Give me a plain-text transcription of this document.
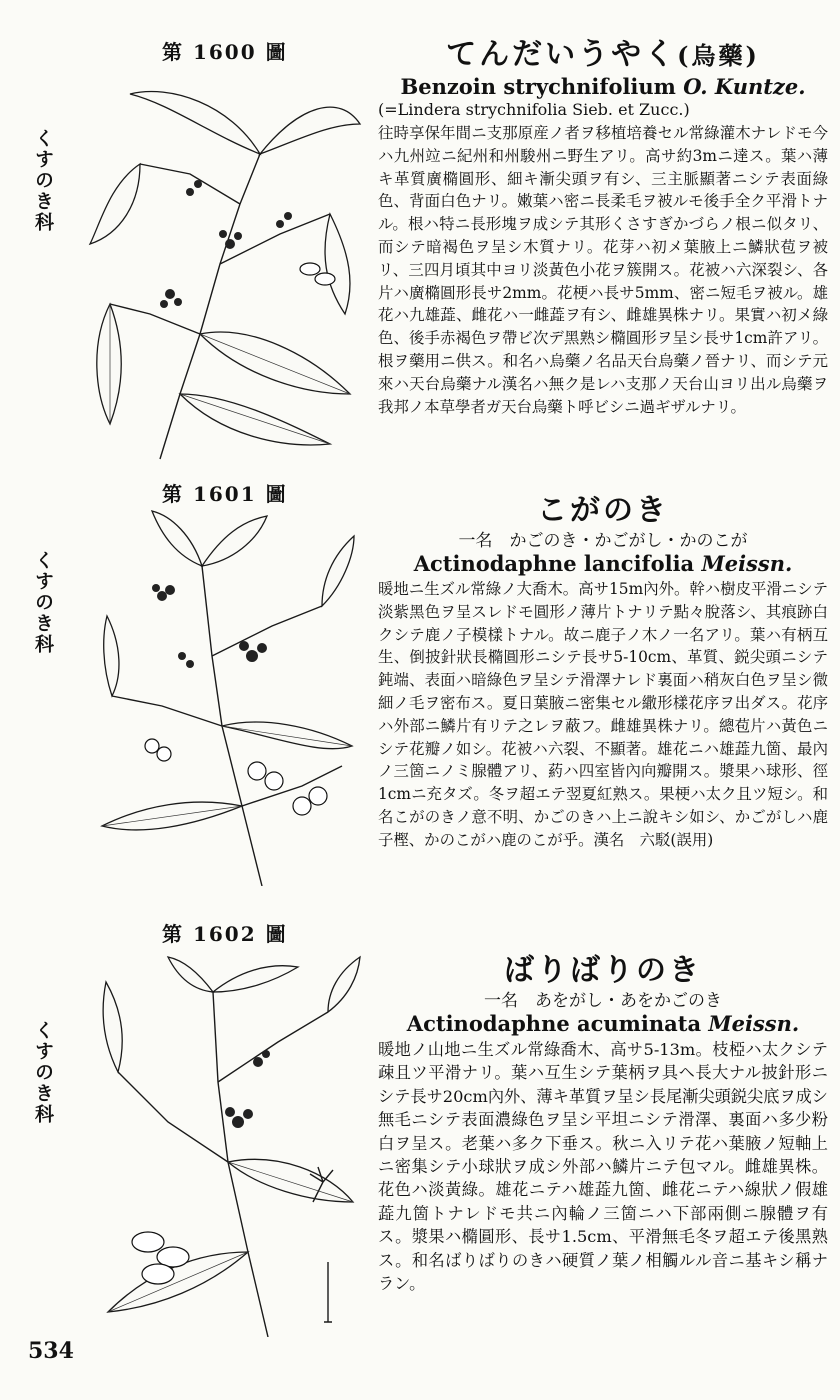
第 1600 圖
くすのき科
てんだいうやく(烏藥)
Benzoin strychnifolium O. Kuntze.
(=Lindera strychnifolia Sieb. et Zucc.)
往時享保年間ニ支那原産ノ者ヲ移植培養セル常綠灌木ナレドモ今ハ九州竝ニ紀州和州駿州ニ野生アリ。高サ約3mニ達ス。葉ハ薄キ革質廣橢圓形、細キ漸尖頭ヲ有シ、三主脈顯著ニシテ表面綠色、背面白色ナリ。嫩葉ハ密ニ長柔毛ヲ被ルモ後手全ク平滑トナル。根ハ特ニ長形塊ヲ成シテ其形くさすぎかづらノ根ニ似タリ、而シテ暗褐色ヲ呈シ木質ナリ。花芽ハ初メ葉腋上ニ鱗狀苞ヲ被リ、三四月頃其中ヨリ淡黃色小花ヲ簇開ス。花被ハ六深裂シ、各片ハ廣橢圓形長サ2mm。花梗ハ長サ5mm、密ニ短毛ヲ被ル。雄花ハ九雄蕋、雌花ハ一雌蕋ヲ有シ、雌雄異株ナリ。果實ハ初メ綠色、後手赤褐色ヲ帶ビ次デ黑熟シ橢圓形ヲ呈シ長サ1cm許アリ。根ヲ藥用ニ供ス。和名ハ烏藥ノ名品天台烏藥ノ晉ナリ、而シテ元來ハ天台烏藥ナル漢名ハ無ク是レハ支那ノ天台山ヨリ出ル烏藥ヲ我邦ノ本草學者ガ天台烏藥ト呼ビシニ過ギザルナリ。
第 1601 圖
くすのき科
こがのき
一名　かごのき・かごがし・かのこが
Actinodaphne lancifolia Meissn.
暖地ニ生ズル常綠ノ大喬木。高サ15m內外。幹ハ樹皮平滑ニシテ淡紫黑色ヲ呈スレドモ圓形ノ薄片トナリテ點々脫落シ、其痕跡白クシテ鹿ノ子模樣トナル。故ニ鹿子ノ木ノ一名アリ。葉ハ有柄互生、倒披針狀長橢圓形ニシテ長サ5-10cm、革質、鋭尖頭ニシテ鈍端、表面ハ暗綠色ヲ呈シテ滑澤ナレド裏面ハ稍灰白色ヲ呈シ微細ノ毛ヲ密布ス。夏日葉腋ニ密集セル繖形樣花序ヲ出ダス。花序ハ外部ニ鱗片有リテ之レヲ蔽フ。雌雄異株ナリ。總苞片ハ黃色ニシテ花瓣ノ如シ。花被ハ六裂、不顯著。雄花ニハ雄蕋九箇、最內ノ三箇ニノミ腺體アリ、葯ハ四室皆內向瓣開ス。漿果ハ球形、徑1cmニ充タズ。冬ヲ超エテ翌夏紅熟ス。果梗ハ太ク且ツ短シ。和名こがのきノ意不明、かごのきハ上ニ說キシ如シ、かごがしハ鹿子樫、かのこがハ鹿のこが乎。漢名　六駁(誤用)
第 1602 圖
くすのき科
ばりばりのき
一名　あをがし・あをかごのき
Actinodaphne acuminata Meissn.
暖地ノ山地ニ生ズル常綠喬木、高サ5-13m。枝椏ハ太クシテ疎且ツ平滑ナリ。葉ハ互生シテ葉柄ヲ具ヘ長大ナル披針形ニシテ長サ20cm內外、薄キ革質ヲ呈シ長尾漸尖頭鋭尖底ヲ成シ無毛ニシテ表面濃綠色ヲ呈シ平坦ニシテ滑澤、裏面ハ多少粉白ヲ呈ス。老葉ハ多ク下垂ス。秋ニ入リテ花ハ葉腋ノ短軸上ニ密集シテ小球狀ヲ成シ外部ハ鱗片ニテ包マル。雌雄異株。花色ハ淡黃綠。雄花ニテハ雄蕋九箇、雌花ニテハ線狀ノ假雄蕋九箇トナレドモ共ニ內輪ノ三箇ニハ下部兩側ニ腺體ヲ有ス。漿果ハ橢圓形、長サ1.5cm、平滑無毛冬ヲ超エテ後黑熟ス。和名ばりばりのきハ硬質ノ葉ノ相觸ルル音ニ基キシ稱ナラン。
534
